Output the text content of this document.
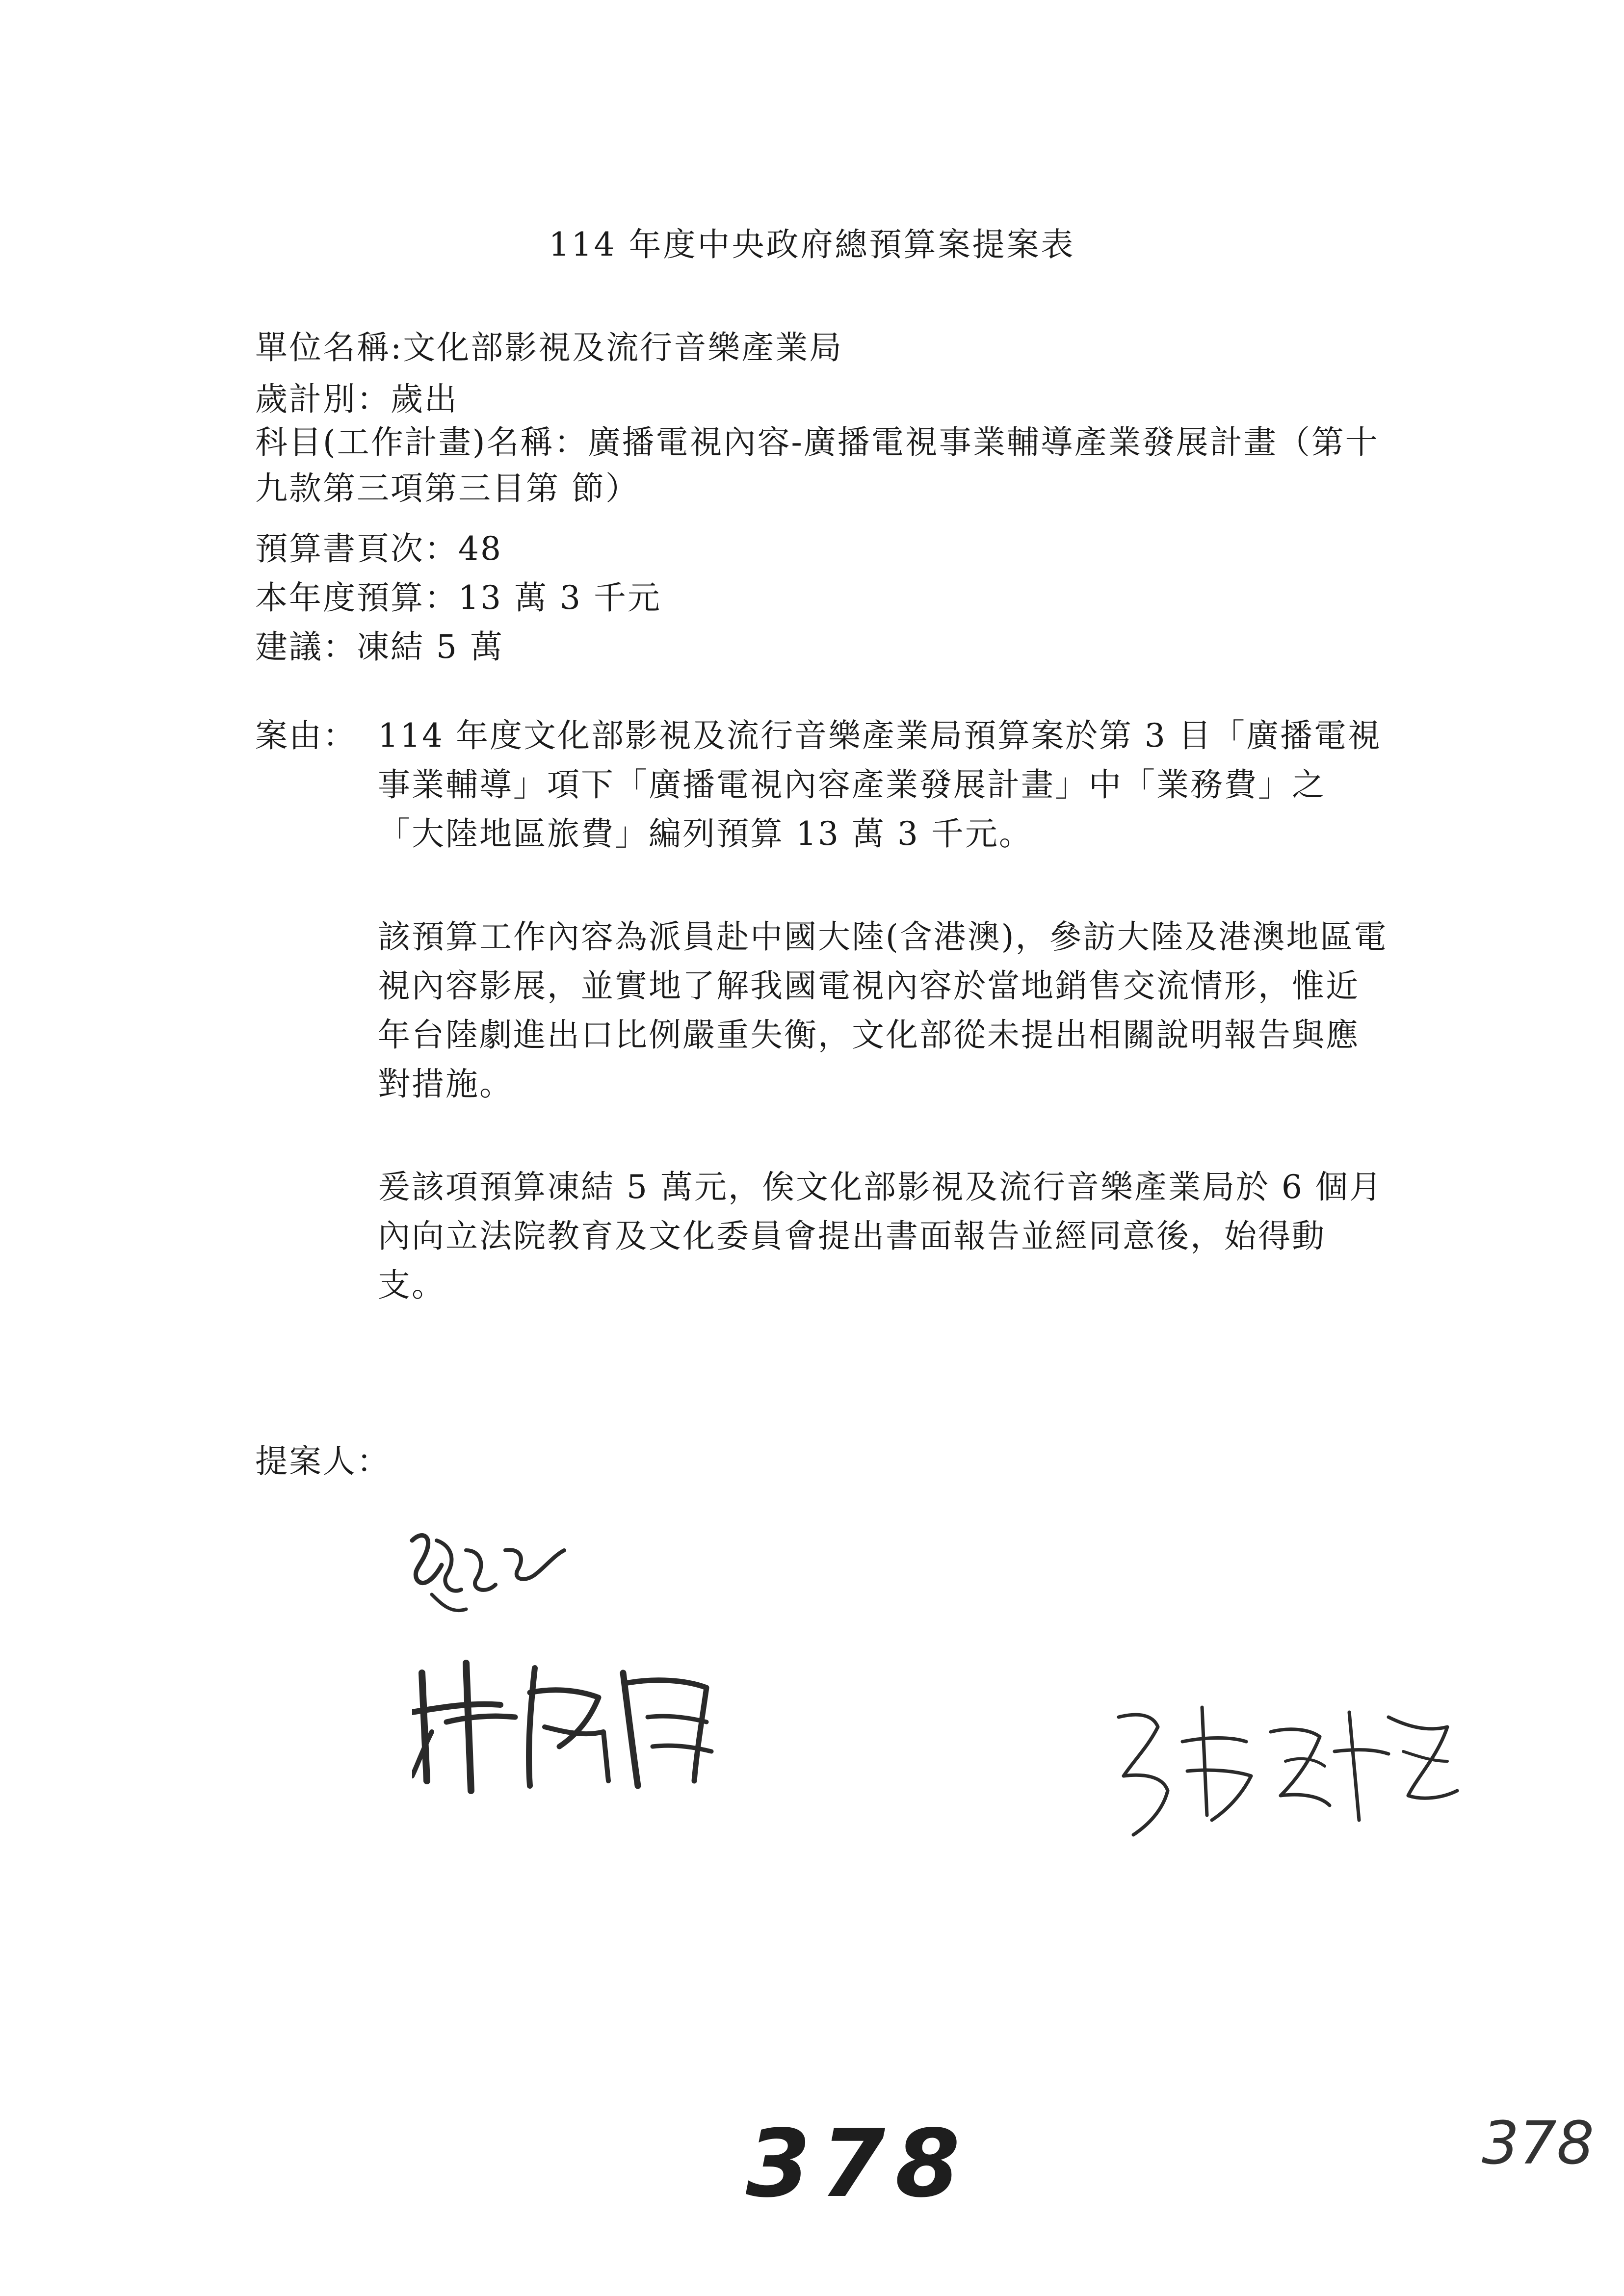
114 年度中央政府總預算案提案表
單位名稱:文化部影視及流行音樂產業局
歲計別：歲出
科目(工作計畫)名稱：廣播電視內容-廣播電視事業輔導產業發展計畫（第十九款第三項第三目第 節）
預算書頁次：48
本年度預算：13 萬 3 千元
建議：凍結 5 萬
案由： 114 年度文化部影視及流行音樂產業局預算案於第 3 目「廣播電視事業輔導」項下「廣播電視內容產業發展計畫」中「業務費」之「大陸地區旅費」編列預算 13 萬 3 千元。
該預算工作內容為派員赴中國大陸(含港澳)，參訪大陸及港澳地區電視內容影展，並實地了解我國電視內容於當地銷售交流情形，惟近年台陸劇進出口比例嚴重失衡，文化部從未提出相關說明報告與應對措施。
爰該項預算凍結 5 萬元，俟文化部影視及流行音樂產業局於 6 個月內向立法院教育及文化委員會提出書面報告並經同意後，始得動支。
提案人：
378	378
